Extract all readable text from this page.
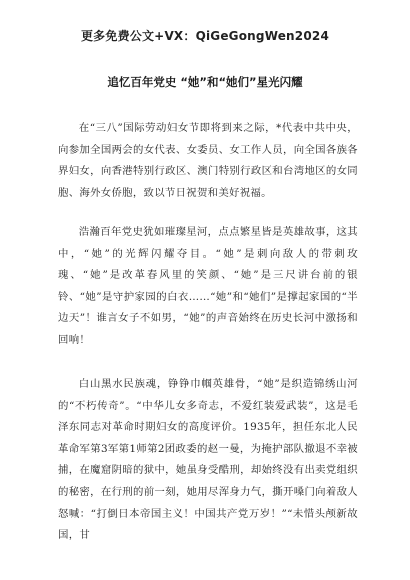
更多免费公文+VX：QiGeGongWen2024
追忆百年党史 “她”和“她们”星光闪耀

在“三八”国际劳动妇女节即将到来之际，*代表中共中央，向参加全国两会的女代表、女委员、女工作人员，向全国各族各界妇女，向香港特别行政区、澳门特别行政区和台湾地区的女同胞、海外女侨胞，致以节日祝贺和美好祝福。

浩瀚百年党史犹如璀璨星河，点点繁星皆是英雄故事，这其中，“她”的光辉闪耀夺目。“她”是刺向敌人的带刺玫瑰、“她”是改革春风里的笑颜、“她”是三尺讲台前的银铃、“她”是守护家园的白衣……“她”和“她们”是撑起家国的“半边天”！谁言女子不如男，“她”的声音始终在历史长河中激扬和回响！

白山黑水民族魂，铮铮巾帼英雄骨，“她”是织造锦绣山河的“不朽传奇”。“中华儿女多奇志，不爱红装爱武装”，这是毛泽东同志对革命时期妇女的高度评价。1935年，担任东北人民革命军第3军第1师第2团政委的赵一曼，为掩护部队撤退不幸被捕，在魔窟阴暗的狱中，她虽身受酷刑，却始终没有出卖党组织的秘密，在行刑的前一刻，她用尽浑身力气，撕开嗓门向着敌人怒喊：“打倒日本帝国主义！中国共产党万岁！”“未惜头颅新故国，甘
